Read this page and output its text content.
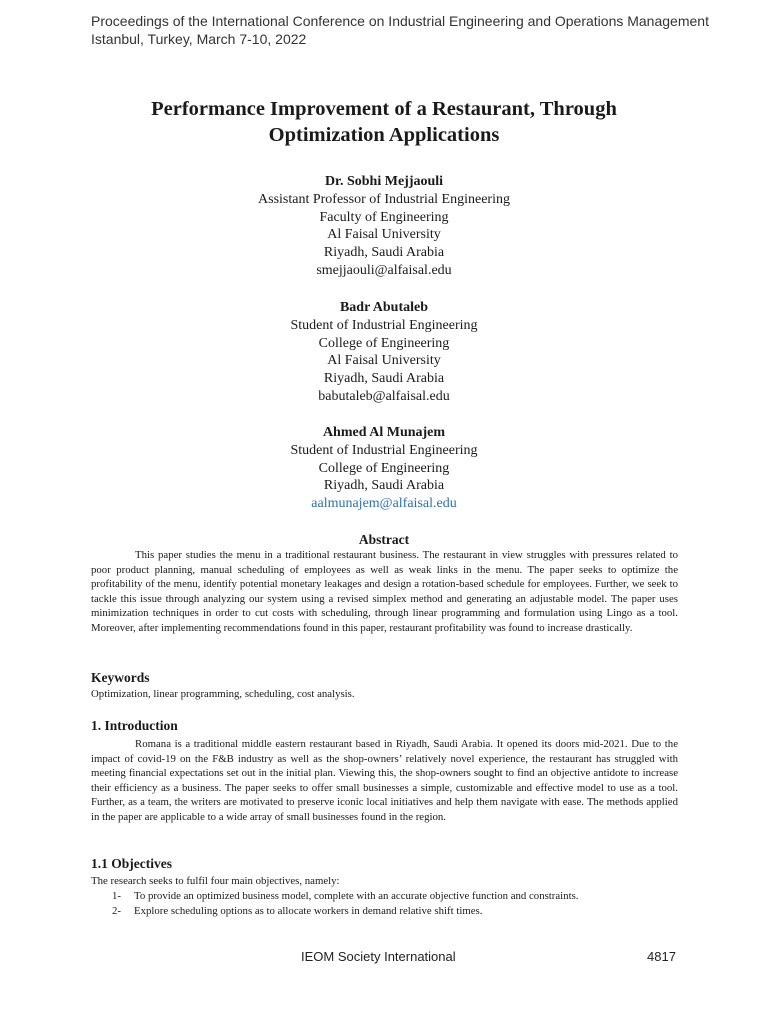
Proceedings of the International Conference on Industrial Engineering and Operations Management
Istanbul, Turkey, March 7-10, 2022
Performance Improvement of a Restaurant, Through
Optimization Applications
Dr. Sobhi Mejjaouli
Assistant Professor of Industrial Engineering
Faculty of Engineering
Al Faisal University
Riyadh, Saudi Arabia
smejjaouli@alfaisal.edu
Badr Abutaleb
Student of Industrial Engineering
College of Engineering
Al Faisal University
Riyadh, Saudi Arabia
babutaleb@alfaisal.edu
Ahmed Al Munajem
Student of Industrial Engineering
College of Engineering
Riyadh, Saudi Arabia
aalmunajem@alfaisal.edu
Abstract
This paper studies the menu in a traditional restaurant business. The restaurant in view struggles with pressures related to poor product planning, manual scheduling of employees as well as weak links in the menu. The paper seeks to optimize the profitability of the menu, identify potential monetary leakages and design a rotation-based schedule for employees. Further, we seek to tackle this issue through analyzing our system using a revised simplex method and generating an adjustable model. The paper uses minimization techniques in order to cut costs with scheduling, through linear programming and formulation using Lingo as a tool. Moreover, after implementing recommendations found in this paper, restaurant profitability was found to increase drastically.
Keywords
Optimization, linear programming, scheduling, cost analysis.
1. Introduction
Romana is a traditional middle eastern restaurant based in Riyadh, Saudi Arabia. It opened its doors mid-2021. Due to the impact of covid-19 on the F&B industry as well as the shop-owners’ relatively novel experience, the restaurant has struggled with meeting financial expectations set out in the initial plan. Viewing this, the shop-owners sought to find an objective antidote to increase their efficiency as a business. The paper seeks to offer small businesses a simple, customizable and effective model to use as a tool. Further, as a team, the writers are motivated to preserve iconic local initiatives and help them navigate with ease. The methods applied in the paper are applicable to a wide array of small businesses found in the region.
1.1 Objectives
The research seeks to fulfil four main objectives, namely:
1- To provide an optimized business model, complete with an accurate objective function and constraints.
2- Explore scheduling options as to allocate workers in demand relative shift times.
IEOM Society International	4817
